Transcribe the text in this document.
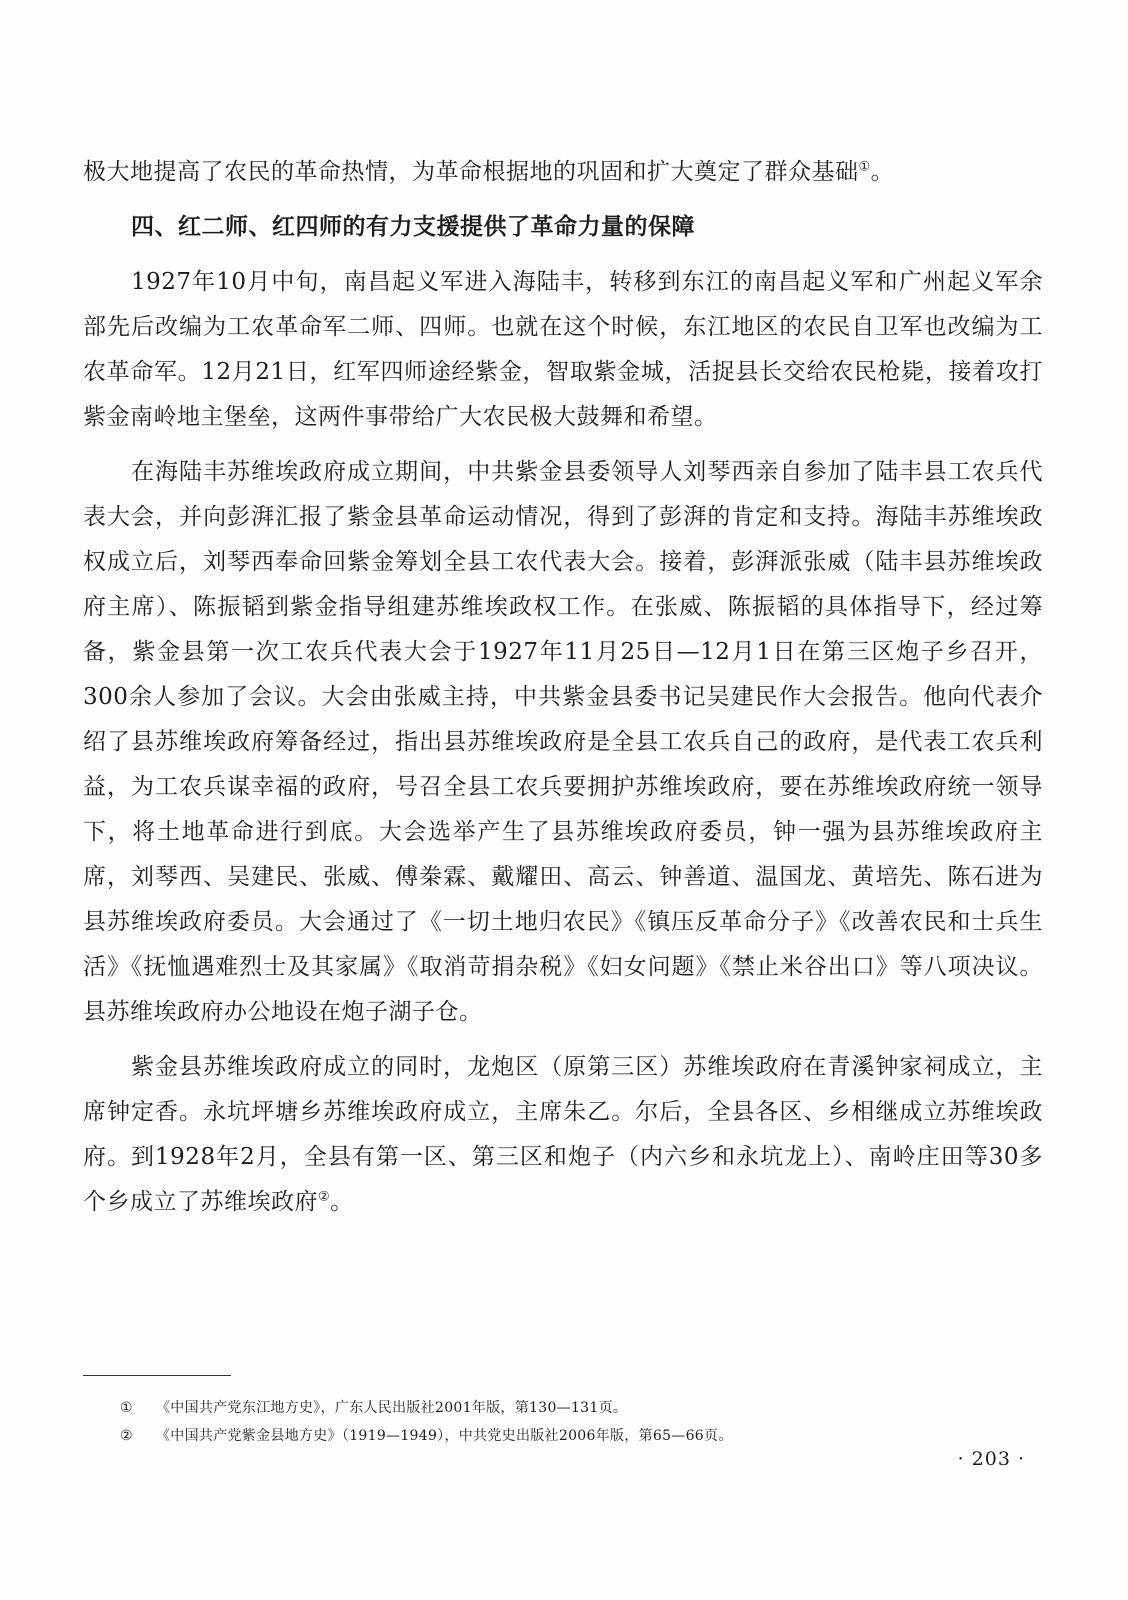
极大地提高了农民的革命热情，为革命根据地的巩固和扩大奠定了群众基础①。

四、红二师、红四师的有力支援提供了革命力量的保障

1927年10月中旬，南昌起义军进入海陆丰，转移到东江的南昌起义军和广州起义军余部先后改编为工农革命军二师、四师。也就在这个时候，东江地区的农民自卫军也改编为工农革命军。12月21日，红军四师途经紫金，智取紫金城，活捉县长交给农民枪毙，接着攻打紫金南岭地主堡垒，这两件事带给广大农民极大鼓舞和希望。

在海陆丰苏维埃政府成立期间，中共紫金县委领导人刘琴西亲自参加了陆丰县工农兵代表大会，并向彭湃汇报了紫金县革命运动情况，得到了彭湃的肯定和支持。海陆丰苏维埃政权成立后，刘琴西奉命回紫金筹划全县工农代表大会。接着，彭湃派张威（陆丰县苏维埃政府主席）、陈振韬到紫金指导组建苏维埃政权工作。在张威、陈振韬的具体指导下，经过筹备，紫金县第一次工农兵代表大会于1927年11月25日—12月1日在第三区炮子乡召开，300余人参加了会议。大会由张威主持，中共紫金县委书记吴建民作大会报告。他向代表介绍了县苏维埃政府筹备经过，指出县苏维埃政府是全县工农兵自己的政府，是代表工农兵利益，为工农兵谋幸福的政府，号召全县工农兵要拥护苏维埃政府，要在苏维埃政府统一领导下，将土地革命进行到底。大会选举产生了县苏维埃政府委员，钟一强为县苏维埃政府主席，刘琴西、吴建民、张威、傅桊霖、戴耀田、高云、钟善道、温国龙、黄培先、陈石进为县苏维埃政府委员。大会通过了《一切土地归农民》《镇压反革命分子》《改善农民和士兵生活》《抚恤遇难烈士及其家属》《取消苛捐杂税》《妇女问题》《禁止米谷出口》等八项决议。县苏维埃政府办公地设在炮子湖子仓。

紫金县苏维埃政府成立的同时，龙炮区（原第三区）苏维埃政府在青溪钟家祠成立，主席钟定香。永坑坪塘乡苏维埃政府成立，主席朱乙。尔后，全县各区、乡相继成立苏维埃政府。到1928年2月，全县有第一区、第三区和炮子（内六乡和永坑龙上）、南岭庄田等30多个乡成立了苏维埃政府②。

① 《中国共产党东江地方史》，广东人民出版社2001年版，第130—131页。

② 《中国共产党紫金县地方史》（1919—1949），中共党史出版社2006年版，第65—66页。

· 203 ·
